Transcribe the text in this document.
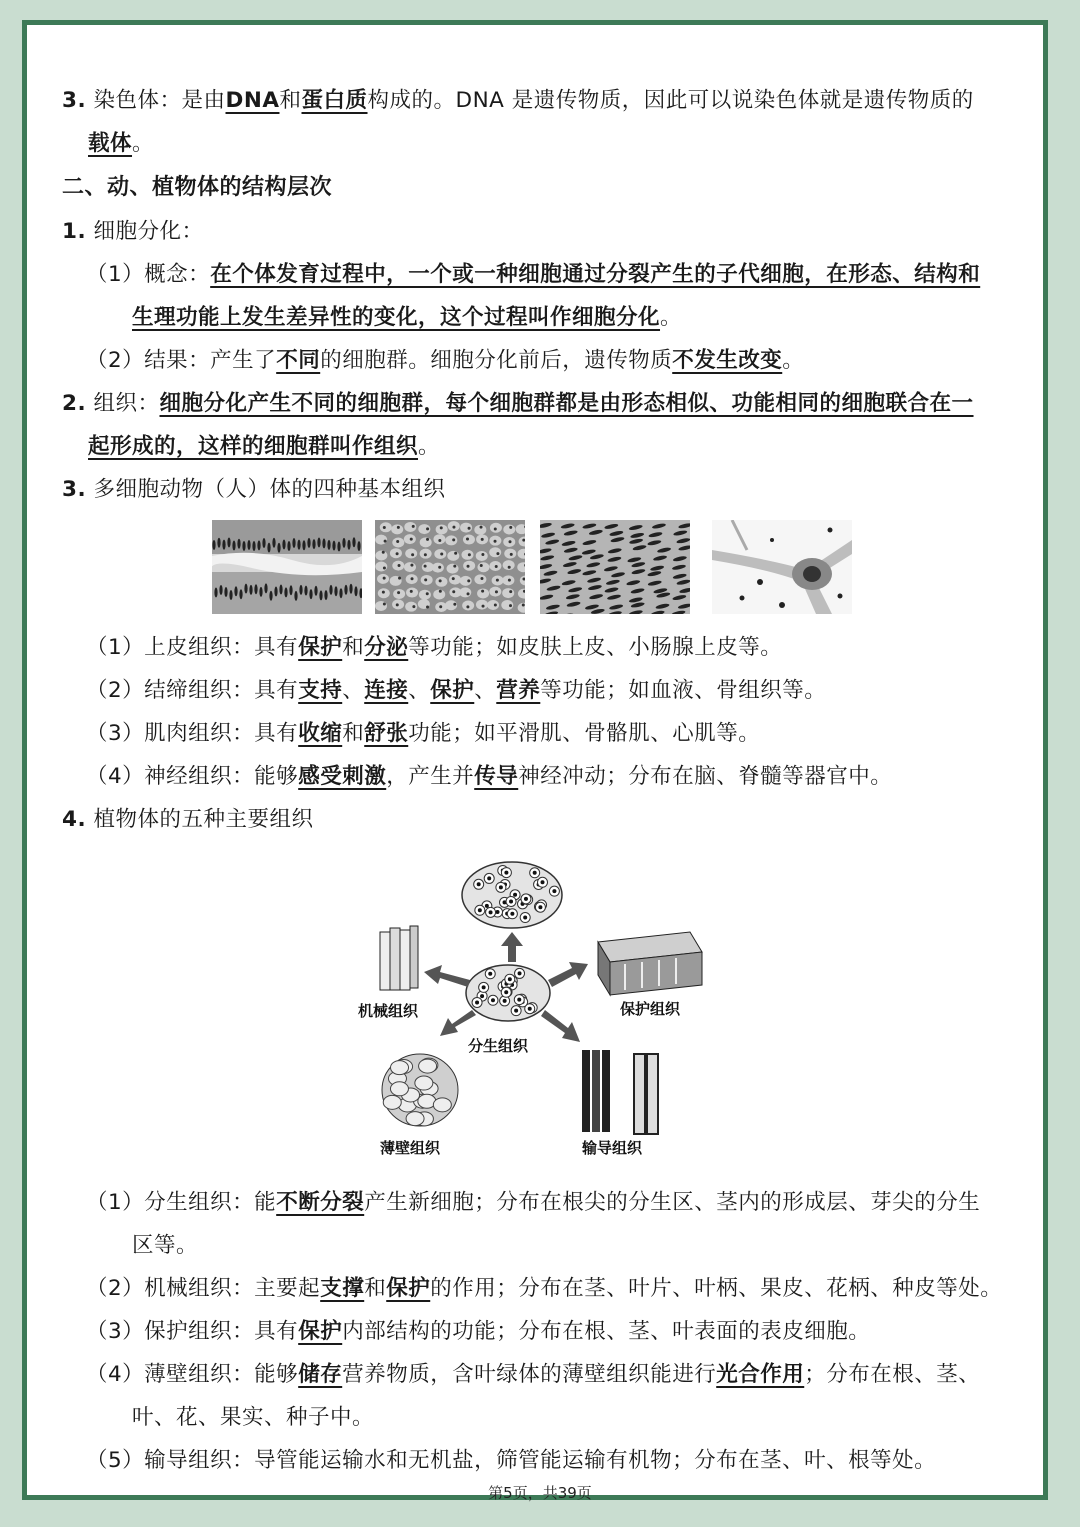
3. 染色体：是由DNA和蛋白质构成的。DNA 是遗传物质，因此可以说染色体就是遗传物质的
载体。
二、动、植物体的结构层次
1. 细胞分化：
（1）概念：在个体发育过程中，一个或一种细胞通过分裂产生的子代细胞，在形态、结构和
生理功能上发生差异性的变化，这个过程叫作细胞分化。
（2）结果：产生了不同的细胞群。细胞分化前后，遗传物质不发生改变。
2. 组织：细胞分化产生不同的细胞群，每个细胞群都是由形态相似、功能相同的细胞联合在一
起形成的，这样的细胞群叫作组织。
3. 多细胞动物（人）体的四种基本组织
（1）上皮组织：具有保护和分泌等功能；如皮肤上皮、小肠腺上皮等。
（2）结缔组织：具有支持、连接、保护、营养等功能；如血液、骨组织等。
（3）肌肉组织：具有收缩和舒张功能；如平滑肌、骨骼肌、心肌等。
（4）神经组织：能够感受刺激，产生并传导神经冲动；分布在脑、脊髓等器官中。
4. 植物体的五种主要组织
机械组织
分生组织
保护组织
薄壁组织	输导组织
（1）分生组织：能不断分裂产生新细胞；分布在根尖的分生区、茎内的形成层、芽尖的分生
区等。
（2）机械组织：主要起支撑和保护的作用；分布在茎、叶片、叶柄、果皮、花柄、种皮等处。
（3）保护组织：具有保护内部结构的功能；分布在根、茎、叶表面的表皮细胞。
（4）薄壁组织：能够储存营养物质，含叶绿体的薄壁组织能进行光合作用；分布在根、茎、
叶、花、果实、种子中。
（5）输导组织：导管能运输水和无机盐，筛管能运输有机物；分布在茎、叶、根等处。
第5页，共39页
